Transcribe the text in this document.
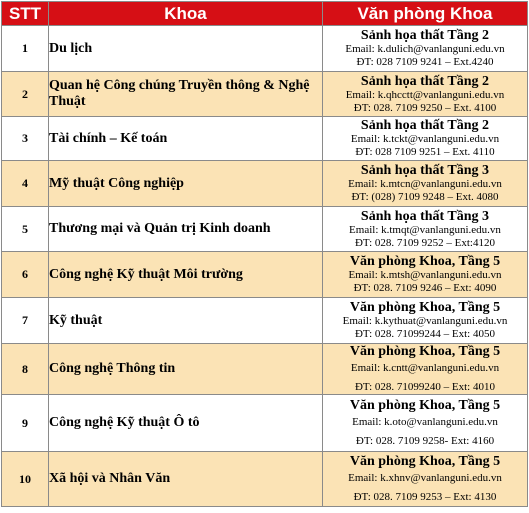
STT	Khoa	Văn phòng Khoa
1	Du lịch	Sảnh họa thất Tầng 2
Email: k.dulich@vanlanguni.edu.vn
ĐT: 028 7109 9241 – Ext.4240

2	Quan hệ Công chúng Truyền thông & Nghệ Thuật	Sảnh họa thất Tầng 2
Email: k.qhcctt@vanlanguni.edu.vn
ĐT: 028. 7109 9250 – Ext. 4100

3	Tài chính – Kế toán	Sảnh họa thất Tầng 2
Email: k.tckt@vanlanguni.edu.vn
ĐT: 028 7109 9251 – Ext. 4110

4	Mỹ thuật Công nghiệp	Sảnh họa thất Tầng 3
Email: k.mtcn@vanlanguni.edu.vn
ĐT: (028) 7109 9248 – Ext. 4080

5	Thương mại và Quản trị Kinh doanh	Sảnh họa thất Tầng 3
Email: k.tmqt@vanlanguni.edu.vn
ĐT: 028. 7109 9252 – Ext:4120

6	Công nghệ Kỹ thuật Môi trường	Văn phòng Khoa, Tầng 5
Email: k.mtsh@vanlanguni.edu.vn
ĐT: 028. 7109 9246 – Ext: 4090

7	Kỹ thuật	Văn phòng Khoa, Tầng 5
Email: k.kythuat@vanlanguni.edu.vn
ĐT: 028. 71099244 – Ext: 4050

8	Công nghệ Thông tin	Văn phòng Khoa, Tầng 5
Email: k.cntt@vanlanguni.edu.vn
ĐT: 028. 71099240 – Ext: 4010

9	Công nghệ Kỹ thuật Ô tô	Văn phòng Khoa, Tầng 5
Email: k.oto@vanlanguni.edu.vn
ĐT: 028. 7109 9258- Ext: 4160

10	Xã hội và Nhân Văn	Văn phòng Khoa, Tầng 5
Email: k.xhnv@vanlanguni.edu.vn
ĐT: 028. 7109 9253 – Ext: 4130
